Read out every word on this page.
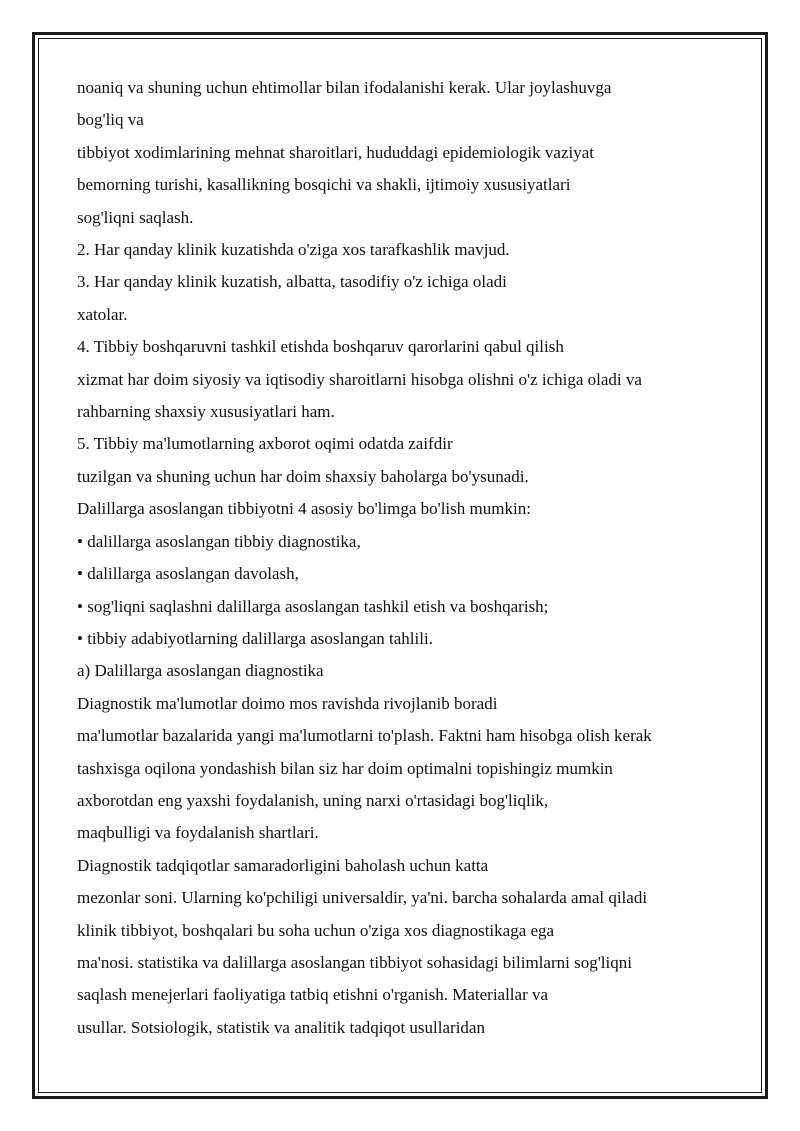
noaniq va shuning uchun ehtimollar bilan ifodalanishi kerak. Ular joylashuvga

bog'liq va

tibbiyot xodimlarining mehnat sharoitlari, hududdagi epidemiologik vaziyat

bemorning turishi, kasallikning bosqichi va shakli, ijtimoiy xususiyatlari

sog'liqni saqlash.

2. Har qanday klinik kuzatishda o'ziga xos tarafkashlik mavjud.

3. Har qanday klinik kuzatish, albatta, tasodifiy o'z ichiga oladi

xatolar.

4. Tibbiy boshqaruvni tashkil etishda boshqaruv qarorlarini qabul qilish

xizmat har doim siyosiy va iqtisodiy sharoitlarni hisobga olishni o'z ichiga oladi va

rahbarning shaxsiy xususiyatlari ham.

5. Tibbiy ma'lumotlarning axborot oqimi odatda zaifdir

tuzilgan va shuning uchun har doim shaxsiy baholarga bo'ysunadi.

Dalillarga asoslangan tibbiyotni 4 asosiy bo'limga bo'lish mumkin:

• dalillarga asoslangan tibbiy diagnostika,

• dalillarga asoslangan davolash,

• sog'liqni saqlashni dalillarga asoslangan tashkil etish va boshqarish;

• tibbiy adabiyotlarning dalillarga asoslangan tahlili.

a) Dalillarga asoslangan diagnostika

Diagnostik ma'lumotlar doimo mos ravishda rivojlanib boradi

ma'lumotlar bazalarida yangi ma'lumotlarni to'plash. Faktni ham hisobga olish kerak

tashxisga oqilona yondashish bilan siz har doim optimalni topishingiz mumkin

axborotdan eng yaxshi foydalanish, uning narxi o'rtasidagi bog'liqlik,

maqbulligi va foydalanish shartlari.

Diagnostik tadqiqotlar samaradorligini baholash uchun katta

mezonlar soni. Ularning ko'pchiligi universaldir, ya'ni. barcha sohalarda amal qiladi

klinik tibbiyot, boshqalari bu soha uchun o'ziga xos diagnostikaga ega

ma'nosi. statistika va dalillarga asoslangan tibbiyot sohasidagi bilimlarni sog'liqni

saqlash menejerlari faoliyatiga tatbiq etishni o'rganish. Materiallar va

usullar. Sotsiologik, statistik va analitik tadqiqot usullaridan
